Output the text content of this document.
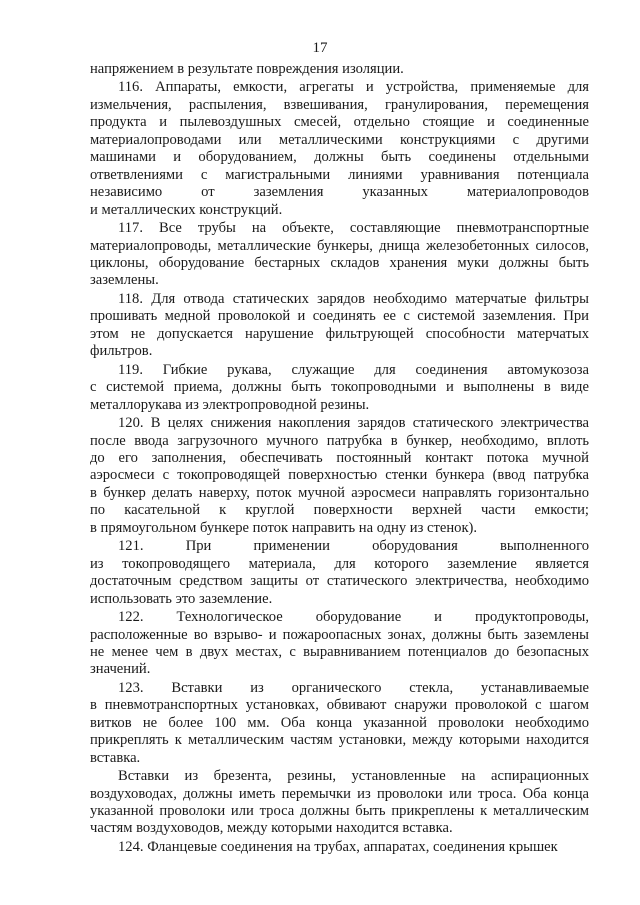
17

напряжением в результате повреждения изоляции.

116. Аппараты, емкости, агрегаты и устройства, применяемые для

измельчения, распыления, взвешивания, гранулирования, перемещения

продукта и пылевоздушных смесей, отдельно стоящие и соединенные

материалопроводами или металлическими конструкциями с другими

машинами и оборудованием, должны быть соединены отдельными

ответвлениями с магистральными линиями уравнивания потенциала

независимо от заземления указанных материалопроводов

и металлических конструкций.

117. Все трубы на объекте, составляющие пневмотранспортные

материалопроводы, металлические бункеры, днища железобетонных силосов,

циклоны, оборудование бестарных складов хранения муки должны быть

заземлены.

118. Для отвода статических зарядов необходимо матерчатые фильтры

прошивать медной проволокой и соединять ее с системой заземления. При

этом не допускается нарушение фильтрующей способности матерчатых

фильтров.

119. Гибкие рукава, служащие для соединения автомукозоза

с системой приема, должны быть токопроводными и выполнены в виде

металлорукава из электропроводной резины.

120. В целях снижения накопления зарядов статического электричества

после ввода загрузочного мучного патрубка в бункер, необходимо, вплоть

до его заполнения, обеспечивать постоянный контакт потока мучной

аэросмеси с токопроводящей поверхностью стенки бункера (ввод патрубка

в бункер делать наверху, поток мучной аэросмеси направлять горизонтально

по касательной к круглой поверхности верхней части емкости;

в прямоугольном бункере поток направить на одну из стенок).

121. При применении оборудования выполненного

из токопроводящего материала, для которого заземление является

достаточным средством защиты от статического электричества, необходимо

использовать это заземление.

122. Технологическое оборудование и продуктопроводы,

расположенные во взрыво- и пожароопасных зонах, должны быть заземлены

не менее чем в двух местах, с выравниванием потенциалов до безопасных

значений.

123. Вставки из органического стекла, устанавливаемые

в пневмотранспортных установках, обвивают снаружи проволокой с шагом

витков не более 100 мм. Оба конца указанной проволоки необходимо

прикреплять к металлическим частям установки, между которыми находится

вставка.

Вставки из брезента, резины, установленные на аспирационных

воздуховодах, должны иметь перемычки из проволоки или троса. Оба конца

указанной проволоки или троса должны быть прикреплены к металлическим

частям воздуховодов, между которыми находится вставка.

124. Фланцевые соединения на трубах, аппаратах, соединения крышек
